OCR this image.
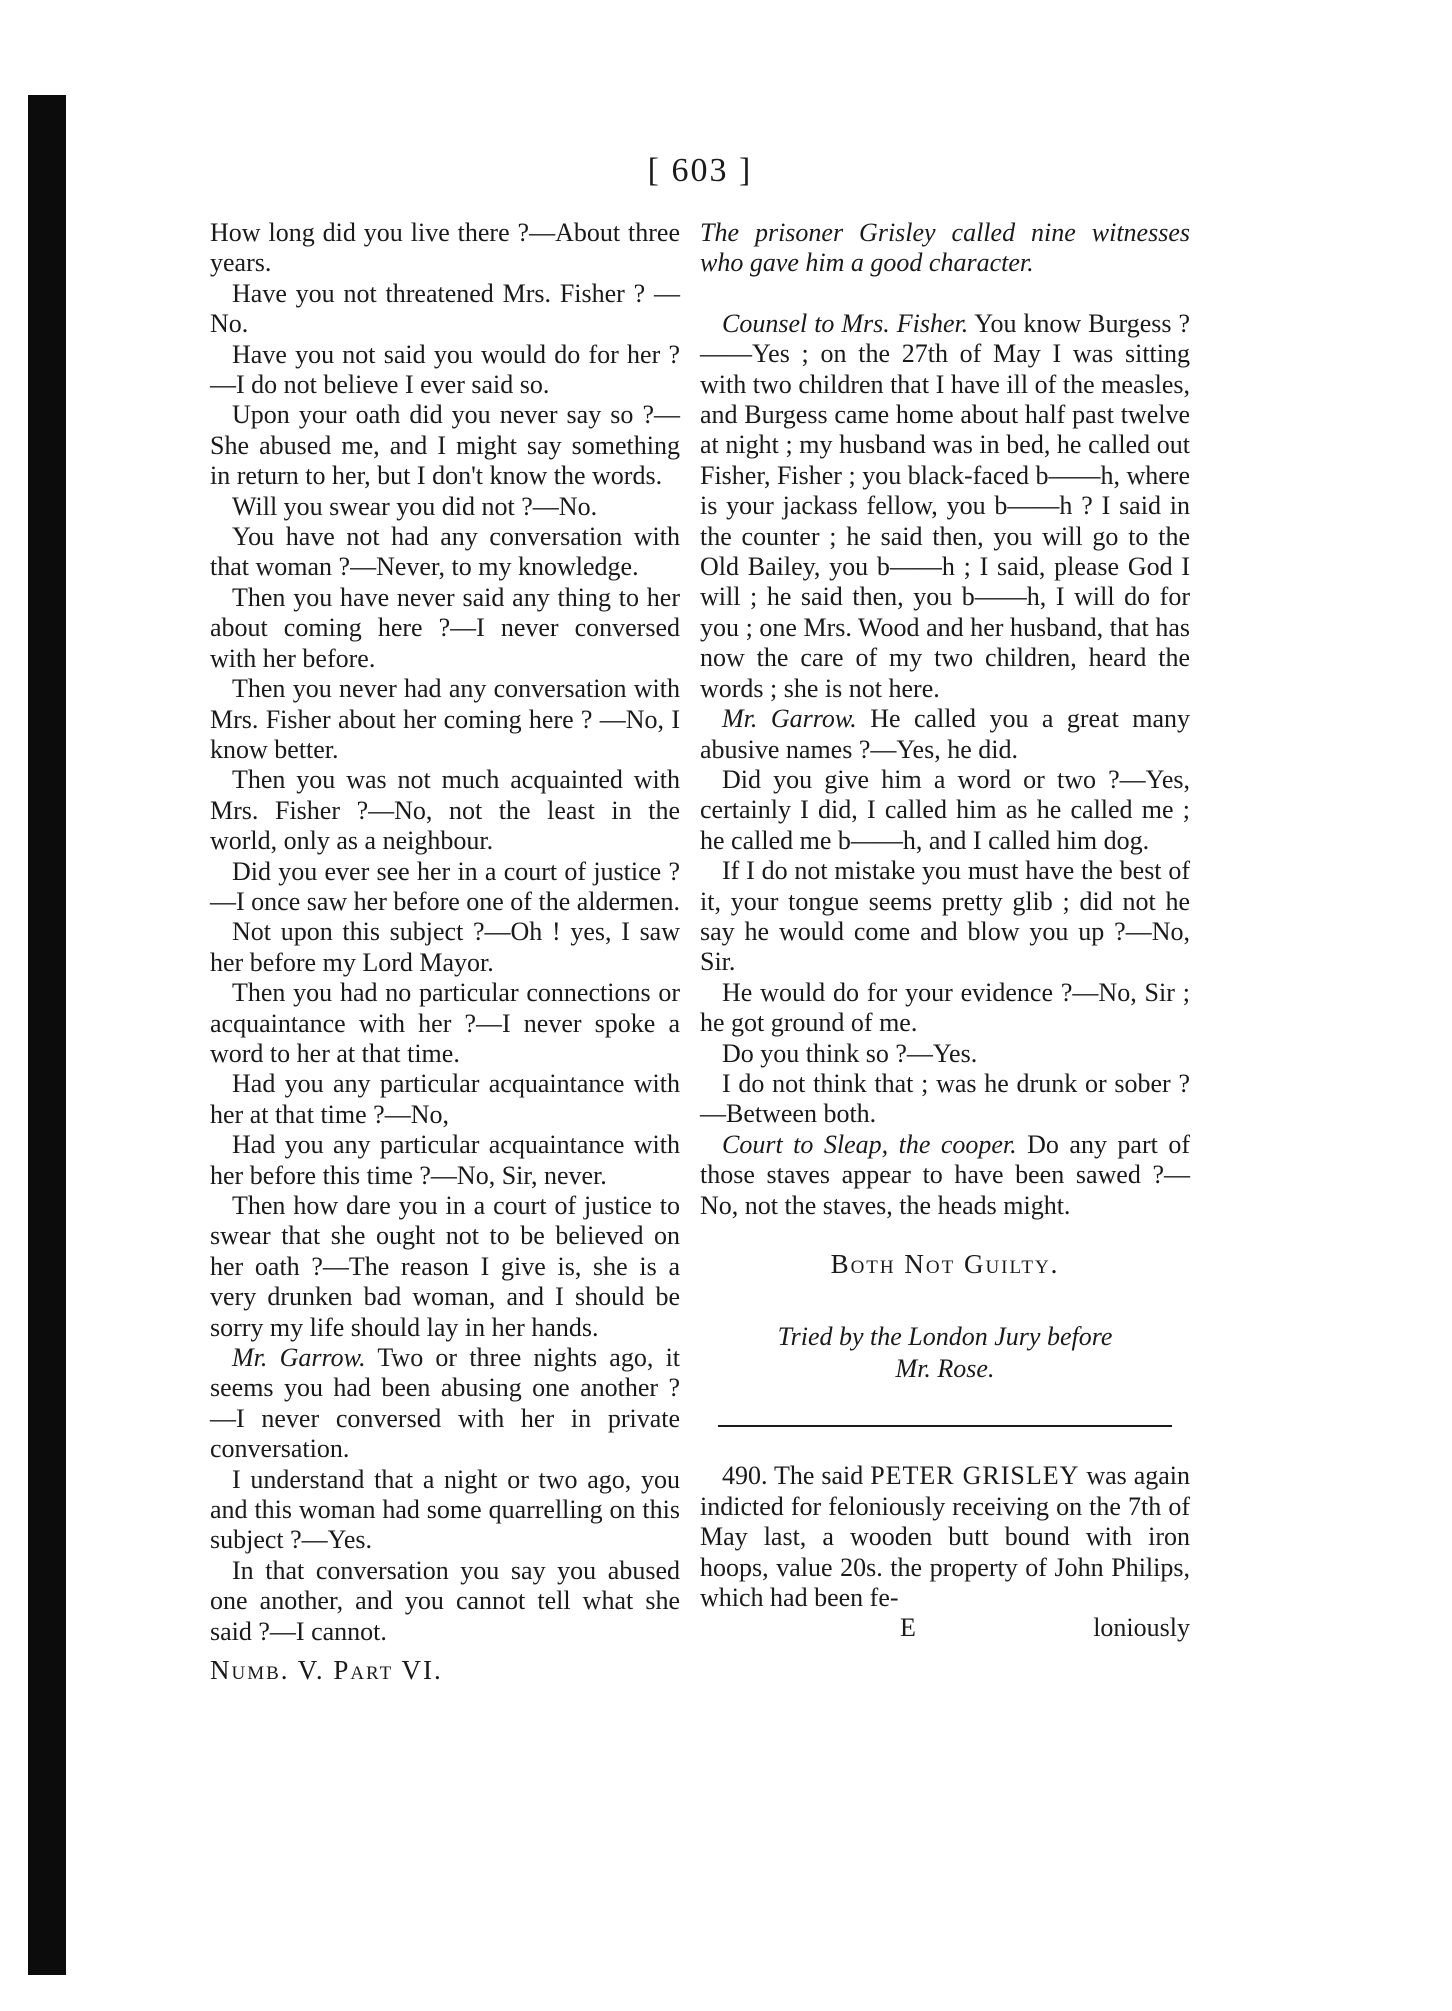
[ 603 ]

How long did you live there ?—About three years.

Have you not threatened Mrs. Fisher ? —No.

Have you not said you would do for her ? —I do not believe I ever said so.

Upon your oath did you never say so ?— She abused me, and I might say something in return to her, but I don't know the words.

Will you swear you did not ?—No.

You have not had any conversation with that woman ?—Never, to my knowledge.

Then you have never said any thing to her about coming here ?—I never conversed with her before.

Then you never had any conversation with Mrs. Fisher about her coming here ? —No, I know better.

Then you was not much acquainted with Mrs. Fisher ?—No, not the least in the world, only as a neighbour.

Did you ever see her in a court of justice ?—I once saw her before one of the aldermen.

Not upon this subject ?—Oh ! yes, I saw her before my Lord Mayor.

Then you had no particular connections or acquaintance with her ?—I never spoke a word to her at that time.

Had you any particular acquaintance with her at that time ?—No,

Had you any particular acquaintance with her before this time ?—No, Sir, never.

Then how dare you in a court of justice to swear that she ought not to be believed on her oath ?—The reason I give is, she is a very drunken bad woman, and I should be sorry my life should lay in her hands.

Mr. Garrow. Two or three nights ago, it seems you had been abusing one another ? —I never conversed with her in private conversation.

I understand that a night or two ago, you and this woman had some quarrelling on this subject ?—Yes.

In that conversation you say you abused one another, and you cannot tell what she said ?—I cannot.

Numb. V. Part VI.

The prisoner Grisley called nine witnesses who gave him a good character.

Counsel to Mrs. Fisher. You know Burgess ?——Yes ; on the 27th of May I was sitting with two children that I have ill of the measles, and Burgess came home about half past twelve at night ; my husband was in bed, he called out Fisher, Fisher ; you black-faced b——h, where is your jackass fellow, you b——h ? I said in the counter ; he said then, you will go to the Old Bailey, you b——h ; I said, please God I will ; he said then, you b——h, I will do for you ; one Mrs. Wood and her husband, that has now the care of my two children, heard the words ; she is not here.

Mr. Garrow. He called you a great many abusive names ?—Yes, he did.

Did you give him a word or two ?—Yes, certainly I did, I called him as he called me ; he called me b——h, and I called him dog.

If I do not mistake you must have the best of it, your tongue seems pretty glib ; did not he say he would come and blow you up ?—No, Sir.

He would do for your evidence ?—No, Sir ; he got ground of me.

Do you think so ?—Yes.

I do not think that ; was he drunk or sober ?—Between both.

Court to Sleap, the cooper. Do any part of those staves appear to have been sawed ?— No, not the staves, the heads might.

Both Not Guilty.

Tried by the London Jury before
Mr. Rose.

490. The said PETER GRISLEY was again indicted for feloniously receiving on the 7th of May last, a wooden butt bound with iron hoops, value 20s. the property of John Philips, which had been fe-

E	loniously
